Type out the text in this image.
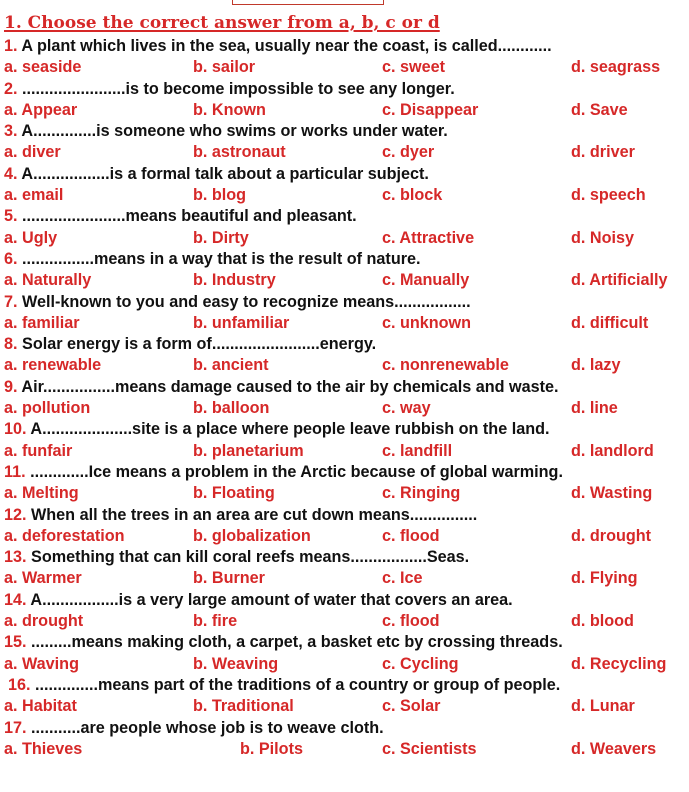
1. Choose the correct answer from a, b, c or d
1. A plant which lives in the sea, usually near the coast, is called............
a. seaside	b. sailor	c. sweet	d. seagrass
2. .......................is to become impossible to see any longer.
a. Appear	b. Known	c. Disappear	d. Save
3. A..............is someone who swims or works under water.
a. diver	b. astronaut	c. dyer	d. driver
4. A.................is a formal talk about a particular subject.
a. email	b. blog	c. block	d. speech
5. .......................means beautiful and pleasant.
a. Ugly	b. Dirty	c. Attractive	d. Noisy
6. ................means in a way that is the result of nature.
a. Naturally	b. Industry	c. Manually	d. Artificially
7. Well-known to you and easy to recognize means.................
a. familiar	b. unfamiliar	c. unknown	d. difficult
8. Solar energy is a form of........................energy.
a. renewable	b. ancient	c. nonrenewable	d. lazy
9. Air................means damage caused to the air by chemicals and waste.
a. pollution	b. balloon	c. way	d. line
10. A....................site is a place where people leave rubbish on the land.
a. funfair	b. planetarium	c. landfill	d. landlord
11. .............Ice means a problem in the Arctic because of global warming.
a. Melting	b. Floating	c. Ringing	d. Wasting
12. When all the trees in an area are cut down means...............
a. deforestation	b. globalization	c. flood	d. drought
13. Something that can kill coral reefs means.................Seas.
a. Warmer	b. Burner	c. Ice	d. Flying
14. A.................is a very large amount of water that covers an area.
a. drought	b. fire	c. flood	d. blood
15. .........means making cloth, a carpet, a basket etc by crossing threads.
a. Waving	b. Weaving	c. Cycling	d. Recycling
16. ..............means part of the traditions of a country or group of people.
a. Habitat	b. Traditional	c. Solar	d. Lunar
17. ...........are people whose job is to weave cloth.
a. Thieves	b. Pilots	c. Scientists	d. Weavers
